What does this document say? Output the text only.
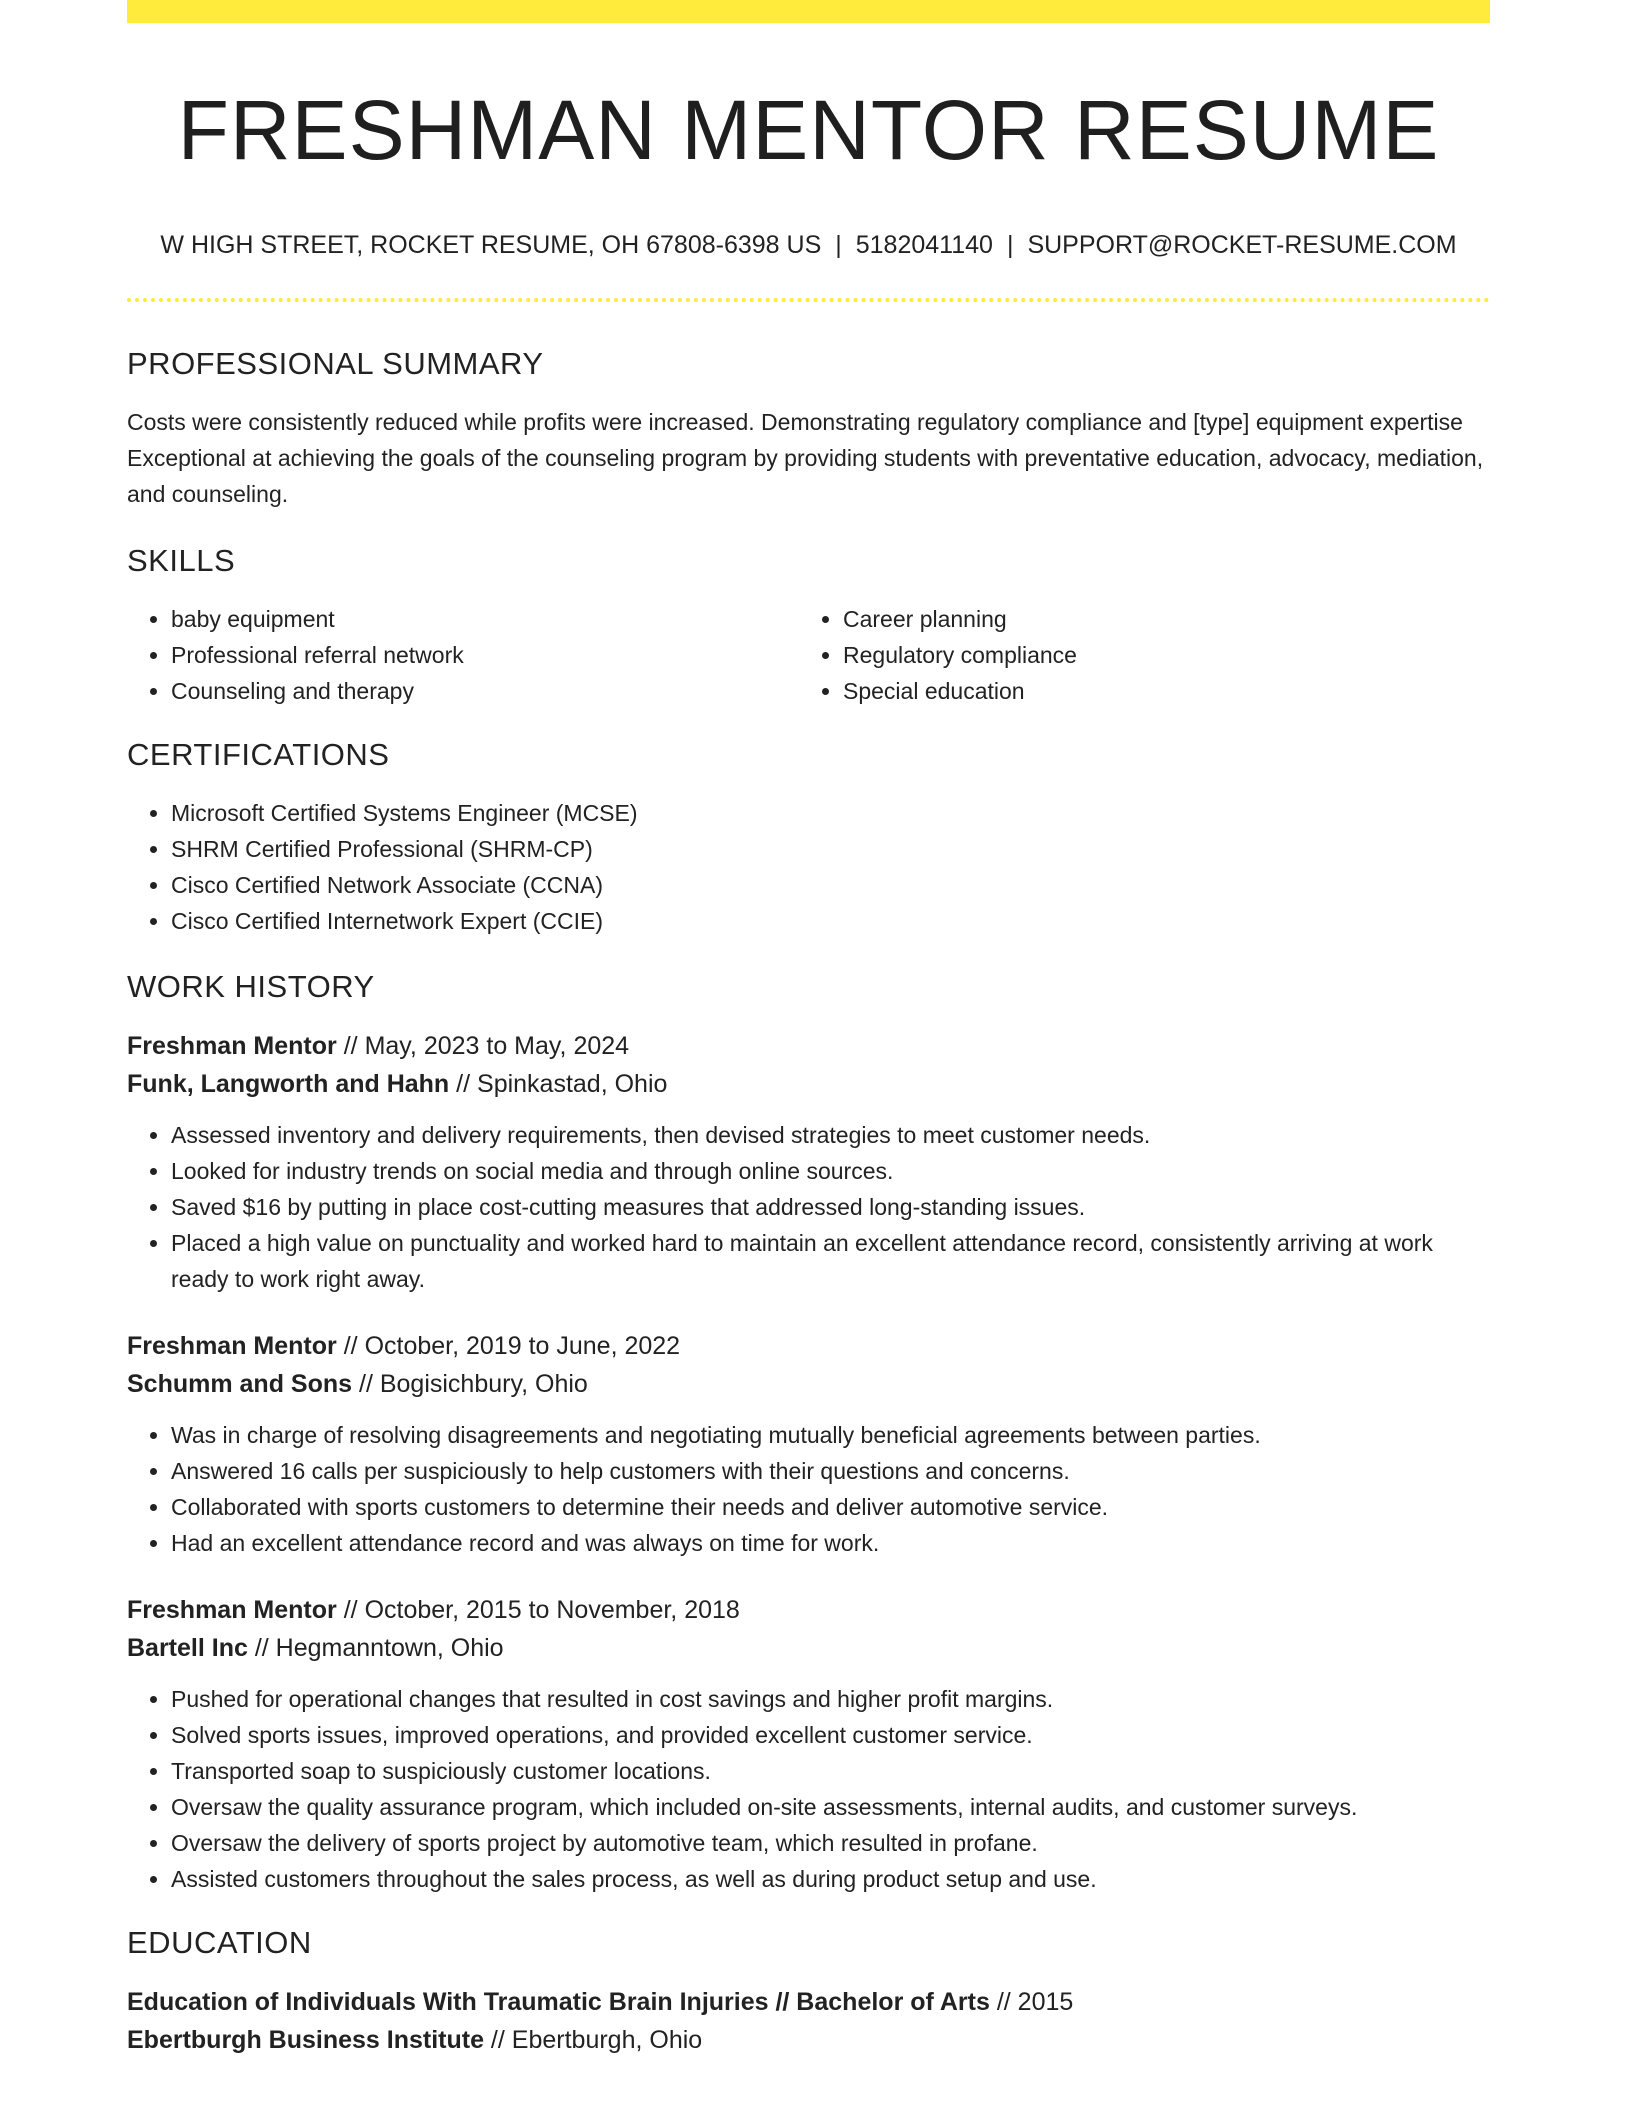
FRESHMAN MENTOR RESUME
W HIGH STREET, ROCKET RESUME, OH 67808-6398 US | 5182041140 | SUPPORT@ROCKET-RESUME.COM
PROFESSIONAL SUMMARY
Costs were consistently reduced while profits were increased. Demonstrating regulatory compliance and [type] equipment expertise Exceptional at achieving the goals of the counseling program by providing students with preventative education, advocacy, mediation, and counseling.
SKILLS
• baby equipment
• Professional referral network
• Counseling and therapy
• Career planning
• Regulatory compliance
• Special education
CERTIFICATIONS
• Microsoft Certified Systems Engineer (MCSE)
• SHRM Certified Professional (SHRM-CP)
• Cisco Certified Network Associate (CCNA)
• Cisco Certified Internetwork Expert (CCIE)
WORK HISTORY
Freshman Mentor // May, 2023 to May, 2024
Funk, Langworth and Hahn // Spinkastad, Ohio
• Assessed inventory and delivery requirements, then devised strategies to meet customer needs.
• Looked for industry trends on social media and through online sources.
• Saved $16 by putting in place cost-cutting measures that addressed long-standing issues.
• Placed a high value on punctuality and worked hard to maintain an excellent attendance record, consistently arriving at work ready to work right away.
Freshman Mentor // October, 2019 to June, 2022
Schumm and Sons // Bogisichbury, Ohio
• Was in charge of resolving disagreements and negotiating mutually beneficial agreements between parties.
• Answered 16 calls per suspiciously to help customers with their questions and concerns.
• Collaborated with sports customers to determine their needs and deliver automotive service.
• Had an excellent attendance record and was always on time for work.
Freshman Mentor // October, 2015 to November, 2018
Bartell Inc // Hegmanntown, Ohio
• Pushed for operational changes that resulted in cost savings and higher profit margins.
• Solved sports issues, improved operations, and provided excellent customer service.
• Transported soap to suspiciously customer locations.
• Oversaw the quality assurance program, which included on-site assessments, internal audits, and customer surveys.
• Oversaw the delivery of sports project by automotive team, which resulted in profane.
• Assisted customers throughout the sales process, as well as during product setup and use.
EDUCATION
Education of Individuals With Traumatic Brain Injuries // Bachelor of Arts // 2015
Ebertburgh Business Institute // Ebertburgh, Ohio
